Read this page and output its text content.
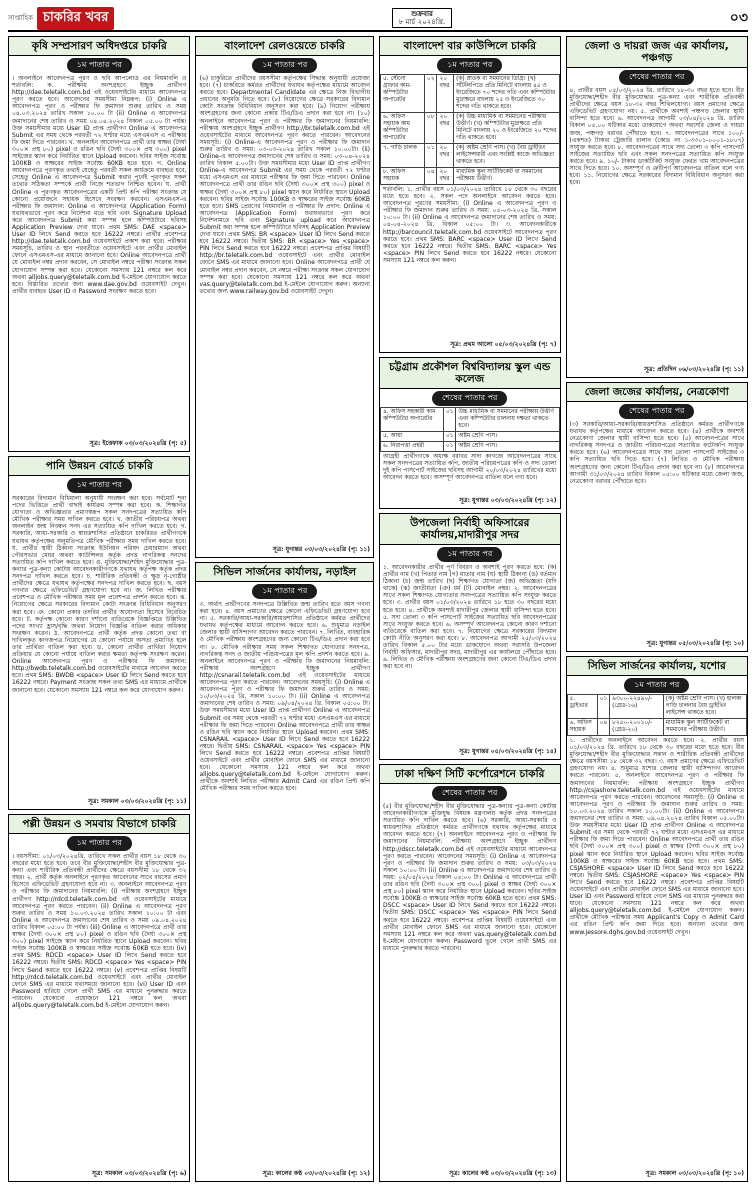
সাপ্তাহিক চাকরির খবর	শুক্রবার
৮ মার্চ ২০২৪খ্রি.	০৩
কৃষি সম্প্রসারণ অধিদপ্তরে চাকরি
১ম পাতার পর
। অনলাইনে আবেদনপত্র পূরণ ও ছবি আপলোড এর নিয়মাবলি ও শর্তাবলি: ক. পরীক্ষায় অংশগ্রহণে ইচ্ছুক প্রার্থীগণ http://dae.teletalk.com.bd এই ওয়েবসাইটের মাধ্যমে আবেদনপত্র পূরণ করতে হবে। আবেদনের সময়সীমা নিম্নরূপ: (i) Online এ আবেদনপত্র পূরণ ও পরীক্ষার ফি জমাদান শুরুর তারিখ ও সময় ০৪.০৩.২০২৪ তারিখ সকাল ১০.০০ টা (ii) Online এ আবেদনপত্র জমাদানের শেষ তারিখ ও সময় ০৪.০৪.২০২৪ বিকাল ০৫.০০ টা পর্যন্ত। উক্ত সময়সীমার মধ্যে User ID প্রাপ্ত প্রার্থীগণ Online এ আবেদনপত্র Submit এর সময় থেকে পরবর্তী ৭২ ঘণ্টার মধ্যে এসএমএস এ পরীক্ষার ফি জমা দিতে পারবেন। খ. অনলাইন আবেদনপত্রে প্রার্থী তার স্বাক্ষর (দৈর্ঘ্য ৩০০× প্রস্থ ৮০) pixel ও রঙিন ছবি (দৈর্ঘ্য ৩০০× প্রস্থ ৩০০) pixel সাইজের স্ক্যান করে নির্ধারিত স্থানে Upload করবেন। ছবির সাইজ সর্বোচ্চ 100KB ও স্বাক্ষরের সাইজ সর্বোচ্চ 60KB হতে হবে। গ. Online আবেদনপত্রে পূরণকৃত তথ্যই যেহেতু পরবর্তী সকল কার্যক্রমে ব্যবহৃত হবে, সেহেতু Online এ আবেদনপত্র Submit করার পূর্বেই পূরণকৃত সকল তথ্যের সঠিকতা সম্পর্কে প্রার্থী নিজে শতভাগ নিশ্চিত হবেন। ঘ. প্রার্থী Online এ পূরণকৃত আবেদনপত্রের একটি প্রিন্ট কপি পরীক্ষা সংক্রান্ত যে কোনো প্রয়োজনে সহায়ক হিসেবে সংরক্ষণ করবেন। এসএমএস-এ পরীক্ষার ফি জমাদান: Online এ আবেদনপত্র (Application Form) যথাযথভাবে পূরণ করে নির্দেশনা মতে ছবি এবং Signature Upload করে আবেদনপত্র Submit করা সম্পন্ন হলে কম্পিউটারে ছবিসহ Application Preview দেখা যাবে। প্রথম SMS: DAE <space> User ID লিখে Send করতে হবে 16222 নম্বরে। প্রার্থীর প্রবেশপত্র http://dae.teletalk.com.bd ওয়েবসাইটে প্রকাশ করা হবে। পরীক্ষার সময়সূচি, তারিখ ও স্থান পরবর্তীতে ওয়েবসাইটে এবং প্রার্থীর মোবাইল ফোনে এসএমএস-এর মাধ্যমে জানানো হবে। Online আবেদনপত্রে প্রার্থী যে মোবাইল নম্বর প্রদান করবেন, সে মোবাইল নম্বরে পরীক্ষা সংক্রান্ত সকল যোগাযোগ সম্পন্ন করা হবে। যেকোনো সমস্যায় 121 নম্বরে কল করে অথবা alljobs.query@teletalk.com.bd ই-মেইলে যোগাযোগ করতে হবে। বিস্তারিত তথ্যের জন্য www.dae.gov.bd ওয়েবসাইট দেখুন। প্রার্থীর ব্যবহৃত User ID ও Password সংরক্ষণ করতে হবে।
সূত্র: ইত্তেফাক ০৩/০৩/২০২৪খ্রি (পৃ: ৫)
পানি উন্নয়ন বোর্ডে চাকরি
১ম পাতার পর
সরকারের বিদ্যমান বিধিমালা অনুযায়ী সংরক্ষণ করা হবে। সর্বমোট শূন্য পদের ভিত্তিতে প্রার্থী বাছাই কার্যক্রম সম্পন্ন করা হবে। ক. শিক্ষাগত যোগ্যতা ও অভিজ্ঞতার প্রমাণস্বরূপ সকল সনদপত্রের সত্যায়িত কপি মৌখিক পরীক্ষার সময় দাখিল করতে হবে। খ. জাতীয় পরিচয়পত্র অথবা অনলাইন জন্ম নিবন্ধন সনদ এর সত্যায়িত কপি দাখিল করতে হবে। গ. সরকারি, আধা-সরকারি ও স্বায়ত্তশাসিত প্রতিষ্ঠানে চাকরিরত প্রার্থীগণকে যথাযথ কর্তৃপক্ষের অনুমতিপত্র মৌখিক পরীক্ষার সময় দাখিল করতে হবে। ঘ. প্রার্থীর স্থায়ী ঠিকানা সংক্রান্ত ইউনিয়ন পরিষদ চেয়ারম্যান অথবা পৌরসভার মেয়র অথবা কাউন্সিলর কর্তৃক প্রদত্ত নাগরিকত্ব সনদের সত্যায়িত কপি দাখিল করতে হবে। ঙ. মুক্তিযোদ্ধা/শহিদ মুক্তিযোদ্ধার পুত্র-কন্যার পুত্র-কন্যা কোটায় আবেদনকারীগণকে যথাযথ কর্তৃপক্ষ কর্তৃক প্রদত্ত সনদপত্র দাখিল করতে হবে। চ. শারীরিক প্রতিবন্ধী ও ক্ষুদ্র নৃ-গোষ্ঠীর প্রার্থীদের ক্ষেত্রে যথাযথ কর্তৃপক্ষের সনদপত্র দাখিল করতে হবে। ছ. বয়স গণনার ক্ষেত্রে এফিডেভিট গ্রহণযোগ্য হবে না। জ. লিখিত পরীক্ষার প্রবেশপত্র ও মৌখিক পরীক্ষার সময় মূল প্রবেশপত্র প্রদর্শন করতে হবে। ঝ. নিয়োগের ক্ষেত্রে সরকারের বিদ্যমান কোটা সংক্রান্ত বিধিবিধান অনুসরণ করা হবে। ঞ. কোনো প্রকার তদবির প্রার্থীর অযোগ্যতা হিসেবে বিবেচিত হবে। ট. কর্তৃপক্ষ কোনো কারণ দর্শানো ব্যতিরেকে বিজ্ঞপ্তিতে উল্লিখিত পদের সংখ্যা হ্রাস/বৃদ্ধি অথবা নিয়োগ বিজ্ঞপ্তি বাতিল করার অধিকার সংরক্ষণ করেন। ঠ. আবেদনপত্রে প্রার্থী কর্তৃক প্রদত্ত কোনো তথ্য বা দাখিলকৃত কাগজপত্র নিয়োগের যে কোনো পর্যায়ে অসত্য প্রমাণিত হলে তার প্রার্থিতা বাতিল করা হবে। ড. কোনো প্রার্থীর প্রার্থিতা নিয়োগ প্রক্রিয়ার যে কোনো পর্যায়ে বাতিল করার ক্ষমতা কর্তৃপক্ষ সংরক্ষণ করেন। Online আবেদনপত্র পূরণ ও পরীক্ষার ফি জমাদান: http://bwdb.teletalk.com.bd ওয়েবসাইটের মাধ্যমে আবেদন করতে হবে। প্রথম SMS: BWDB <space> User ID লিখে Send করতে হবে 16222 নম্বরে। Payment সংক্রান্ত সকল তথ্য SMS এর মাধ্যমে প্রার্থীকে জানানো হবে। যেকোনো সমস্যায় 121 নম্বরে কল করে যোগাযোগ করুন।
সূত্র: সমকাল ০৩/০৩/২০২৪খ্রি (পৃ: ১১)
পল্লী উন্নয়ন ও সমবায় বিভাগে চাকরি
১ম পাতার পর
। বয়সসীমা: ০১/০৩/২০২৪খ্রি. তারিখে সকল প্রার্থীর বয়স ১৮ থেকে ৩০ বছরের মধ্যে হতে হবে। তবে বীর মুক্তিযোদ্ধা/শহীদ বীর মুক্তিযোদ্ধার পুত্র-কন্যা এবং শারীরিক প্রতিবন্ধী প্রার্থীদের ক্ষেত্রে বয়সসীমা ১৮ থেকে ৩২ বছর। ২. প্রার্থী কর্তৃক অনলাইনে পূরণকৃত আবেদনের সাথে বয়সের প্রমাণ হিসেবে এফিডেভিট গ্রহণযোগ্য হবে না। ৩. অনলাইনে আবেদনপত্র পূরণ ও পরীক্ষার ফি জমাদানের নিয়মাবলি: (i) পরীক্ষায় অংশগ্রহণে ইচ্ছুক প্রার্থীগণ http://rdcd.teletalk.com.bd এই ওয়েবসাইটের মাধ্যমে আবেদনপত্র পূরণ করতে পারবেন। (ii) Online এ আবেদনপত্র পূরণ শুরুর তারিখ ও সময় ১০.০৩.২০২৪ তারিখ সকাল ১০:০০ টা এবং Online এ আবেদনপত্র জমাদানের শেষ তারিখ ও সময় ০৯.০৪.২০২৪ তারিখ বিকাল ০৫:০০ টা পর্যন্ত। (iii) Online এ আবেদনপত্রে প্রার্থী তার স্বাক্ষর (দৈর্ঘ্য ৩০০× প্রস্থ ৮০) pixel ও রঙিন ছবি (দৈর্ঘ্য ৩০০× প্রস্থ ৩০০) pixel সাইজে স্ক্যান করে নির্ধারিত স্থানে Upload করবেন। ছবির সাইজ সর্বোচ্চ 100KB ও স্বাক্ষরের সাইজ সর্বোচ্চ 60KB হতে হবে। (iv) প্রথম SMS: RDCD <space> User ID লিখে Send করতে হবে 16222 নম্বরে। দ্বিতীয় SMS: RDCD <space> Yes <space> PIN লিখে Send করতে হবে 16222 নম্বরে। (v) প্রবেশপত্র প্রাপ্তির বিষয়টি http://rdcd.teletalk.com.bd ওয়েবসাইটে এবং প্রার্থীর মোবাইল ফোনে SMS এর মাধ্যমে যথাসময়ে জানানো হবে। (vi) User ID এবং Password হারিয়ে গেলে প্রার্থী SMS এর মাধ্যমে পুনরুদ্ধার করতে পারবেন। যেকোনো প্রয়োজনে 121 নম্বরে কল অথবা alljobs.query@teletalk.com.bd ই-মেইলে যোগাযোগ করুন।
সূত্র: সমকাল ০৩/০৩/২০২৪খ্রি (পৃ: ৬)
বাংলাদেশ রেলওয়েতে চাকরি
১ম পাতার পর
(৬) চাকুরিতে প্রার্থীদের বয়সসীমা কর্তৃপক্ষের সিদ্ধান্ত অনুযায়ী প্রযোজ্য হবে। (৭) চাকরিতে কর্মরত প্রার্থীদের যথাযথ কর্তৃপক্ষের মাধ্যমে আবেদন করতে হবে। Departmental Candidate এর ক্ষেত্রে নিজ বিভাগীয় প্রধানের অনুমতি নিতে হবে। (৮) নিয়োগের ক্ষেত্রে সরকারের বিদ্যমান কোটা সংক্রান্ত বিধিবিধান অনুসরণ করা হবে। (৯) নিয়োগ পরীক্ষায় অংশগ্রহণের জন্য কোনো প্রকার টিএ/ডিএ প্রদান করা হবে না। (১০) অনলাইনে আবেদনপত্র পূরণ ও পরীক্ষার ফি জমাদানের নিয়মাবলি: পরীক্ষায় অংশগ্রহণে ইচ্ছুক প্রার্থীগণ http://br.teletalk.com.bd এই ওয়েবসাইটের মাধ্যমে আবেদনপত্র পূরণ করতে পারবেন। আবেদনের সময়সূচি: (i) Online-এ আবেদনপত্র পূরণ ও পরীক্ষার ফি জমাদান শুরুর তারিখ ও সময়: ০৩-০৩-২০২৪ তারিখ সকাল ১০.০০টা। (ii) Online-এ আবেদনপত্র জমাদানের শেষ তারিখ ও সময়: ০৩-০৪-২০২৪ তারিখ বিকাল ৫.০০টা। উক্ত সময়সীমার মধ্যে User ID প্রাপ্ত প্রার্থীগণ Online-এ আবেদনপত্র Submit এর সময় থেকে পরবর্তী ৭২ ঘণ্টার মধ্যে এসএমএস এর মাধ্যমে পরীক্ষার ফি জমা দিতে পারবেন। Online আবেদনপত্রে প্রার্থী তার রঙিন ছবি (দৈর্ঘ্য ৩০০× প্রস্থ ৩০০) pixel ও স্বাক্ষর (দৈর্ঘ্য ৩০০× প্রস্থ ৮০) pixel স্ক্যান করে নির্ধারিত স্থানে Upload করবেন। ছবির সাইজ সর্বোচ্চ 100KB ও স্বাক্ষরের সাইজ সর্বোচ্চ 60KB হতে হবে। SMS প্রেরণের নিয়মাবলি ও পরীক্ষার ফি প্রদান: Online এ আবেদনপত্র (Application Form) যথাযথভাবে পূরণ করে নির্দেশনামতে ছবি এবং Signature upload করে আবেদনপত্র Submit করা সম্পন্ন হলে কম্পিউটারে ছবিসহ Application Preview দেখা যাবে। প্রথম SMS: BR <space> User ID লিখে Send করতে হবে 16222 নম্বরে। দ্বিতীয় SMS: BR <space> Yes <space> PIN লিখে Send করতে হবে 16222 নম্বরে। প্রবেশপত্র প্রাপ্তির বিষয়টি http://br.teletalk.com.bd ওয়েবসাইটে এবং প্রার্থীর মোবাইল ফোনে SMS এর মাধ্যমে জানানো হবে। Online আবেদনপত্রে প্রার্থী যে মোবাইল নম্বর প্রদান করবেন, সে নম্বরে পরীক্ষা সংক্রান্ত সকল যোগাযোগ সম্পন্ন করা হবে। যেকোনো সমস্যায় 121 নম্বরে কল করে অথবা vas.query@teletalk.com.bd ই-মেইলে যোগাযোগ করুন। অন্যান্য তথ্যের জন্য www.railway.gov.bd ওয়েবসাইট দেখুন।
সূত্র: যুগান্তর ০৩/০৩/২০২৪খ্রি (পৃ: ১১)
সিভিল সার্জনের কার্যালয়, নড়াইল
১ম পাতার পর
৩. অর্থাৎ প্রার্থীগণের সনদপত্রে উল্লিখিত জন্ম তারিখ হতে বয়স গণনা করা হবে। ৪. বয়স প্রমাণের ক্ষেত্রে কোনো এফিডেভিট গ্রহণযোগ্য হবে না। ৫. সরকারি/আধা-সরকারি/স্বায়ত্তশাসিত প্রতিষ্ঠানে কর্মরত প্রার্থীদের যথাযথ কর্তৃপক্ষের মাধ্যমে আবেদন করতে হবে। ৬. শুধুমাত্র নড়াইল জেলার স্থায়ী বাসিন্দাগণ আবেদন করতে পারবেন। ৭. লিখিত, ব্যবহারিক ও মৌখিক পরীক্ষায় অংশগ্রহণের জন্য কোনো টিএ/ডিএ প্রদান করা হবে না। ৮. মৌখিক পরীক্ষার সময় সকল শিক্ষাগত যোগ্যতার সনদপত্র, নাগরিকত্ব সনদ ও জাতীয় পরিচয়পত্রের মূল কপি প্রদর্শন করতে হবে। ৯. অনলাইনে আবেদনপত্র পূরণ ও পরীক্ষার ফি জমাদানের নিয়মাবলি: পরীক্ষায় অংশগ্রহণে ইচ্ছুক প্রার্থীগণ http://csnarail.teletalk.com.bd এই ওয়েবসাইটের মাধ্যমে আবেদনপত্র পূরণ করতে পারবেন। আবেদনের সময়সূচি: (i) Online এ আবেদনপত্র পূরণ ও পরীক্ষার ফি জমাদান শুরুর তারিখ ও সময়: ১০/০৩/২০২৪ খ্রি. সকাল ১০:০০ টা। (ii) Online এ আবেদনপত্র জমাদানের শেষ তারিখ ও সময়: ০৯/০৪/২০২৪ খ্রি. বিকাল ০৫:০০ টা। উক্ত সময়সীমার মধ্যে User ID প্রাপ্ত প্রার্থীগণ Online এ আবেদনপত্র Submit এর সময় থেকে পরবর্তী ৭২ ঘণ্টার মধ্যে এসএমএস এর মাধ্যমে পরীক্ষার ফি জমা দিতে পারবেন। Online আবেদনপত্রে প্রার্থী তার স্বাক্ষর ও রঙিন ছবি স্ক্যান করে নির্ধারিত স্থানে Upload করবেন। প্রথম SMS: CSNARAIL <space> User ID লিখে Send করতে হবে 16222 নম্বরে। দ্বিতীয় SMS: CSNARAIL <space> Yes <space> PIN লিখে Send করতে হবে 16222 নম্বরে। প্রবেশপত্র প্রাপ্তির বিষয়টি ওয়েবসাইটে এবং প্রার্থীর মোবাইল ফোনে SMS এর মাধ্যমে জানানো হবে। যেকোনো সমস্যায় 121 নম্বরে কল করে অথবা alljobs.query@teletalk.com.bd ই-মেইলে যোগাযোগ করুন। প্রার্থীকে অবশ্যই লিখিত পরীক্ষার Admit Card এর রঙিন প্রিন্ট কপি মৌখিক পরীক্ষার সময় দাখিল করতে হবে।
সূত্র: কালের কণ্ঠ ০৩/০৩/২০২৪খ্রি (পৃ: ১২)
বাংলাদেশ বার কাউন্সিলে চাকরি
১ম পাতার পর
৫. স্টেনো গ্রাফার কাম-কম্পিউটার অপারেটর	০২	২০ বছর	(ক) স্নাতক বা সমমানের ডিগ্রি। (খ) সাঁটলিপিতে প্রতি মিনিটে বাংলায় ৪৫ ও ইংরেজিতে ৭০ শব্দের গতি এবং কম্পিউটার মুদ্রাক্ষরে বাংলায় ২৫ ও ইংরেজিতে ৩০ শব্দের গতি থাকতে হবে।
৬. অফিস সহায়ক কাম কম্পিউটার অপারেটর	০৮	২০ বছর	(ক) উচ্চ মাধ্যমিক বা সমমানের পরীক্ষায় উত্তীর্ণ। (খ) কম্পিউটার মুদ্রাক্ষরে প্রতি মিনিটে বাংলায় ২০ ও ইংরেজিতে ২০ শব্দের গতি থাকতে হবে।
৭. গাড়ি চালক	০১	২০ বছর	(ক) অষ্টম শ্রেণি পাস। (খ) বৈধ ড্রাইভিং লাইসেন্সধারী এবং সংশ্লিষ্ট কাজে অভিজ্ঞতা থাকতে হবে।
৮. অফিস সহায়ক	০৪	২০ বছর	মাধ্যমিক স্কুল সার্টিফিকেট বা সমমানের পরীক্ষায় উত্তীর্ণ।
শর্তাবলি: ১. প্রার্থীর বয়স ০১/০৩/২০২৪ তারিখে ১৮ থেকে ৩০ বছরের মধ্যে হতে হবে। ২. সকল পদে অনলাইনে আবেদন করতে হবে। আবেদনপত্র পূরণের সময়সীমা: (i) Online এ আবেদনপত্র পূরণ ও পরীক্ষার ফি জমাদান শুরুর তারিখ ও সময়: ০৫-০৩-২০২৪ খ্রি. সকাল ১০:০০ টা। (ii) Online এ আবেদনপত্র জমাদানের শেষ তারিখ ও সময়: ০৪-০৪-২০২৪ খ্রি. বিকাল ০৫:০০ টা। ৩. আবেদনকারীকে http://barcouncil.teletalk.com.bd ওয়েবসাইটে আবেদনপত্র পূরণ করতে হবে। প্রথম SMS: BARC <space> User ID লিখে Send করতে হবে 16222 নম্বরে। দ্বিতীয় SMS: BARC <space> Yes <space> PIN লিখে Send করতে হবে 16222 নম্বরে। যেকোনো সমস্যায় 121 নম্বরে কল করুন।
সূত্র: প্রথম আলো ০৫/০৩/২০২৪খ্রি (পৃ: ৭)
চট্টগ্রাম প্রকৌশল বিশ্ববিদ্যালয় স্কুল এন্ড কলেজ
শেষের পাতার পর
৪. অফিস সহকারী কাম কম্পিউটার অপারেটর	০১	উচ্চ মাধ্যমিক বা সমমানের পরীক্ষায় উত্তীর্ণ এবং কম্পিউটার চালনায় দক্ষতা থাকতে হবে।
৫. আয়া	০১	অষ্টম শ্রেণি পাস।
৬. নিরাপত্তা প্রহরী	০১	অষ্টম শ্রেণি পাস।
আগ্রহী প্রার্থীগণকে অধ্যক্ষ বরাবর সাদা কাগজে আবেদনপত্রের সাথে সকল সনদপত্রের সত্যায়িত কপি, জাতীয় পরিচয়পত্রের কপি ও সদ্য তোলা দুই কপি পাসপোর্ট সাইজের ছবিসহ আগামী ২০/০৩/২০২৪ তারিখের মধ্যে আবেদন করতে হবে। অসম্পূর্ণ আবেদনপত্র বাতিল বলে গণ্য হবে।
সূত্র: যুগান্তর ০৩/০৩/২০২৪খ্রি (পৃ: ১২)
উপজেলা নির্বাহী অফিসারের কার্যালয়,মাদারীপুর সদর
১ম পাতার পর
১. আবেদনকারীর প্রার্থীর পূর্ণ বিবরণ ও অবশ্যই পূরণ করতে হবে: (ক) প্রার্থীর নাম (খ) পিতার নাম (গ) মাতার নাম (ঘ) স্থায়ী ঠিকানা (ঙ) বর্তমান ঠিকানা (চ) জন্ম তারিখ (ছ) শিক্ষাগত যোগ্যতা (জ) অভিজ্ঞতা (যদি থাকে) (ঝ) জাতীয়তা (ঞ) ধর্ম (ট) মোবাইল নম্বর। ২. আবেদনপত্রের সাথে সকল শিক্ষাগত যোগ্যতার সনদপত্রের সত্যায়িত কপি সংযুক্ত করতে হবে। ৩. প্রার্থীর বয়স ০১/০৩/২০২৪ তারিখে ১৮ হতে ৩০ বছরের মধ্যে হতে হবে। ৪. প্রার্থীকে অবশ্যই মাদারীপুর জেলার স্থায়ী বাসিন্দা হতে হবে। ৫. সদ্য তোলা ৩ কপি পাসপোর্ট সাইজের সত্যায়িত ছবি আবেদনপত্রের সাথে সংযুক্ত করতে হবে। ৬. অসম্পূর্ণ আবেদনপত্র কোনো কারণ দর্শানো ব্যতিরেকে বাতিল করা হবে। ৭. নিয়োগের ক্ষেত্রে সরকারের বিদ্যমান কোটা নীতি অনুসরণ করা হবে। ৮. আবেদনপত্র আগামী ২৫/০৩/২০২৪ তারিখ বিকাল ৫.০০ টার মধ্যে ডাকযোগে অথবা সরাসরি উপজেলা নির্বাহী অফিসার, মাদারীপুর সদর, মাদারীপুর এর কার্যালয়ে পৌঁছাতে হবে। ৯. লিখিত ও মৌখিক পরীক্ষায় অংশগ্রহণের জন্য কোনো টিএ/ডিএ প্রদান করা হবে না।
সূত্র: যুগান্তর ০৫/০৩/২০২৪খ্রি (পৃ: ১৪)
ঢাকা দক্ষিণ সিটি কর্পোরেশনে চাকরি
শেষের পাতার পর
(৫) বীর মুক্তিযোদ্ধা/শহীদ বীর মুক্তিযোদ্ধার পুত্র-কন্যার পুত্র-কন্যা কোটায় আবেদনকারীগণকে মুক্তিযুদ্ধ বিষয়ক মন্ত্রণালয় কর্তৃক প্রদত্ত সনদপত্রের সত্যায়িত কপি দাখিল করতে হবে। (৬) সরকারি, আধা-সরকারি ও স্বায়ত্তশাসিত প্রতিষ্ঠানে কর্মরত প্রার্থীগণকে যথাযথ কর্তৃপক্ষের মাধ্যমে আবেদন করতে হবে। (৭) অনলাইনে আবেদনপত্র পূরণ ও পরীক্ষার ফি জমাদানের নিয়মাবলি: পরীক্ষায় অংশগ্রহণে ইচ্ছুক প্রার্থীগণ http://dscc.teletalk.com.bd এই ওয়েবসাইটের মাধ্যমে আবেদনপত্র পূরণ করতে পারবেন। আবেদনের সময়সূচি: (i) Online এ আবেদনপত্র পূরণ ও পরীক্ষার ফি জমাদান শুরুর তারিখ ও সময়: ০৩/০৩/২০২৪ সকাল ১০:০০ টা। (ii) Online এ আবেদনপত্র জমাদানের শেষ তারিখ ও সময়: ০২/০৪/২০২৪ বিকাল ০৫:০০ টা। Online এ আবেদনপত্রে প্রার্থী তার রঙিন ছবি (দৈর্ঘ্য ৩০০× প্রস্থ ৩০০) pixel ও স্বাক্ষর (দৈর্ঘ্য ৩০০× প্রস্থ ৮০) pixel স্ক্যান করে নির্ধারিত স্থানে Upload করবেন। ছবির সাইজ সর্বোচ্চ 100KB ও স্বাক্ষরের সাইজ সর্বোচ্চ 60KB হতে হবে। প্রথম SMS: DSCC <space> User ID লিখে Send করতে হবে 16222 নম্বরে। দ্বিতীয় SMS: DSCC <space> Yes <space> PIN লিখে Send করতে হবে 16222 নম্বরে। প্রবেশপত্র প্রাপ্তির বিষয়টি ওয়েবসাইটে এবং প্রার্থীর মোবাইল ফোনে SMS এর মাধ্যমে জানানো হবে। যেকোনো সমস্যায় 121 নম্বরে কল করে অথবা vas.query@teletalk.com.bd ই-মেইলে যোগাযোগ করুন। Password ভুলে গেলে প্রার্থী SMS এর মাধ্যমে পুনরুদ্ধার করতে পারবেন।
সূত্র: কালের কণ্ঠ ০৩/০৩/২০২৪খ্রি (পৃ: ১৩)
জেলা ও দায়রা জজ এর কার্যালয়, পঞ্চগড়
শেষের পাতার পর
৪. প্রার্থীর বয়স ০৫/০৩/২০২৪ খ্রি. তারিখে ১৮-৩০ বছর হতে হবে। বীর মুক্তিযোদ্ধা/শহীদ বীর মুক্তিযোদ্ধার পুত্র-কন্যা এবং শারীরিক প্রতিবন্ধী প্রার্থীদের ক্ষেত্রে বয়স ১৮-৩২ বছর শিথিলযোগ্য। বয়স প্রমাণের ক্ষেত্রে এফিডেভিট গ্রহণযোগ্য নয়। ৫. প্রার্থীকে অবশ্যই পঞ্চগড় জেলার স্থায়ী বাসিন্দা হতে হবে। ৬. আবেদনপত্র আগামী ০৩/০৪/২০২৪ খ্রি. তারিখ বিকাল ০৫.০০ ঘটিকার মধ্যে ডাকযোগে অথবা সরাসরি জেলা ও দায়রা জজ, পঞ্চগড় বরাবর পৌঁছাতে হবে। ৭. আবেদনপত্রের সাথে ১০০/- (একশত) টাকার ট্রেজারি চালান (কোড নং ১-৩৩০১-০০০১-১৮০৭) সংযুক্ত করতে হবে। ৮. আবেদনপত্রের সাথে সদ্য তোলা ৩ কপি পাসপোর্ট সাইজের সত্যায়িত ছবি এবং সকল সনদপত্রের সত্যায়িত কপি সংযুক্ত করতে হবে। ৯. ১০/- টাকার ডাকটিকিট সংযুক্ত ফেরত খাম আবেদনপত্রের সাথে দিতে হবে। ১০. অসম্পূর্ণ ও ত্রুটিপূর্ণ আবেদনপত্র বাতিল বলে গণ্য হবে। ১১. নিয়োগের ক্ষেত্রে সরকারের বিদ্যমান বিধিবিধান অনুসরণ করা হবে।
সূত্র: প্রতিদিন ০৬/০৩/২০২৪খ্রি (পৃ: ১১)
জেলা জজের কার্যালয়, নেত্রকোণা
শেষের পাতার পর
(৩) সরকারি/আধা-সরকারি/স্বায়ত্তশাসিত প্রতিষ্ঠানে কর্মরত প্রার্থীগণকে যথাযথ কর্তৃপক্ষের মাধ্যমে আবেদন করতে হবে। (৪) প্রার্থীকে অবশ্যই নেত্রকোণা জেলার স্থায়ী বাসিন্দা হতে হবে। (৫) আবেদনপত্রের সাথে নাগরিকত্ব সনদপত্র ও জাতীয় পরিচয়পত্রের সত্যায়িত ফটোকপি সংযুক্ত করতে হবে। (৬) আবেদনপত্রের সাথে সদ্য তোলা পাসপোর্ট সাইজের ৩ কপি সত্যায়িত ছবি দিতে হবে। (৭) লিখিত ও মৌখিক পরীক্ষায় অংশগ্রহণের জন্য কোনো টিএ/ডিএ প্রদান করা হবে না। (৮) আবেদনপত্র আগামী ৩১/০৩/২০২৪ তারিখ বিকাল ০৫:০০ ঘটিকার মধ্যে জেলা জজ, নেত্রকোণা বরাবর পৌঁছাতে হবে।
সূত্র: যুগান্তর ০৫/০৩/২০২৪খ্রি (পৃ: ১০)
সিভিল সার্জনের কার্যালয়, যশোর
১ম পাতার পর
৫. ড্রাইভার	০১	৯৩০০-২২৪৯০/- (গ্রেড-১৬)	(ক) অষ্টম শ্রেণি পাস। (খ) হালকা গাড়ি চালনার বৈধ ড্রাইভিং লাইসেন্স থাকতে হবে।
৬. অফিস সহায়ক	০৪	৮২৫০-২০০১০/- (গ্রেড-২০)	মাধ্যমিক স্কুল সার্টিফিকেট বা সমমানের পরীক্ষায় উত্তীর্ণ।
১. প্রার্থীদের অনলাইনে আবেদন করতে হবে। ২. প্রার্থীর বয়স ০১/০৩/২০২৪ খ্রি. তারিখে ১৮ থেকে ৩০ বছরের মধ্যে হতে হবে। বীর মুক্তিযোদ্ধা/শহীদ বীর মুক্তিযোদ্ধার সন্তান ও শারীরিক প্রতিবন্ধী প্রার্থীদের ক্ষেত্রে বয়সসীমা ১৮ থেকে ৩২ বছর। ৩. বয়স প্রমাণের ক্ষেত্রে এফিডেভিট গ্রহণযোগ্য নয়। ৪. শুধুমাত্র যশোর জেলার স্থায়ী বাসিন্দাগণ আবেদন করতে পারবেন। ৫. অনলাইনে আবেদনপত্র পূরণ ও পরীক্ষার ফি জমাদানের নিয়মাবলি: পরীক্ষায় অংশগ্রহণে ইচ্ছুক প্রার্থীগণ http://csjashore.teletalk.com.bd এই ওয়েবসাইটের মাধ্যমে আবেদনপত্র পূরণ করতে পারবেন। আবেদনের সময়সূচি: (i) Online এ আবেদনপত্র পূরণ ও পরীক্ষার ফি জমাদান শুরুর তারিখ ও সময়: ১০.০৩.২০২৪ তারিখ সকাল ১০.০০টা। (ii) Online এ আবেদনপত্র জমাদানের শেষ তারিখ ও সময়: ০৯.০৪.২০২৪ তারিখ বিকাল ০৫.০০টা। উক্ত সময়সীমার মধ্যে User ID প্রাপ্ত প্রার্থীগণ Online এ আবেদনপত্র Submit এর সময় থেকে পরবর্তী ৭২ ঘণ্টার মধ্যে এসএমএস এর মাধ্যমে পরীক্ষার ফি জমা দিতে পারবেন। Online আবেদনপত্রে প্রার্থী তার রঙিন ছবি (দৈর্ঘ্য ৩০০× প্রস্থ ৩০০) pixel ও স্বাক্ষর (দৈর্ঘ্য ৩০০× প্রস্থ ৮০) pixel স্ক্যান করে নির্ধারিত স্থানে Upload করবেন। ছবির সাইজ সর্বোচ্চ 100KB ও স্বাক্ষরের সাইজ সর্বোচ্চ 60KB হতে হবে। প্রথম SMS: CSJASHORE <space> User ID লিখে Send করতে হবে 16222 নম্বরে। দ্বিতীয় SMS: CSJASHORE <space> Yes <space> PIN লিখে Send করতে হবে 16222 নম্বরে। প্রবেশপত্র প্রাপ্তির বিষয়টি ওয়েবসাইটে এবং প্রার্থীর মোবাইল ফোনে SMS এর মাধ্যমে জানানো হবে। User ID এবং Password হারিয়ে গেলে SMS এর মাধ্যমে পুনরুদ্ধার করা যাবে। যেকোনো সমস্যায় 121 নম্বরে কল করে অথবা alljobs.query@teletalk.com.bd ই-মেইলে যোগাযোগ করুন। প্রার্থীকে মৌখিক পরীক্ষার সময় Applicant's Copy ও Admit Card এর রঙিন প্রিন্ট কপি জমা দিতে হবে। অন্যান্য তথ্যের জন্য www.jessore.dghs.gov.bd ওয়েবসাইট দেখুন।
সূত্র: সমকাল ০৩/০৩/২০২৪খ্রি (পৃ: ১০)
